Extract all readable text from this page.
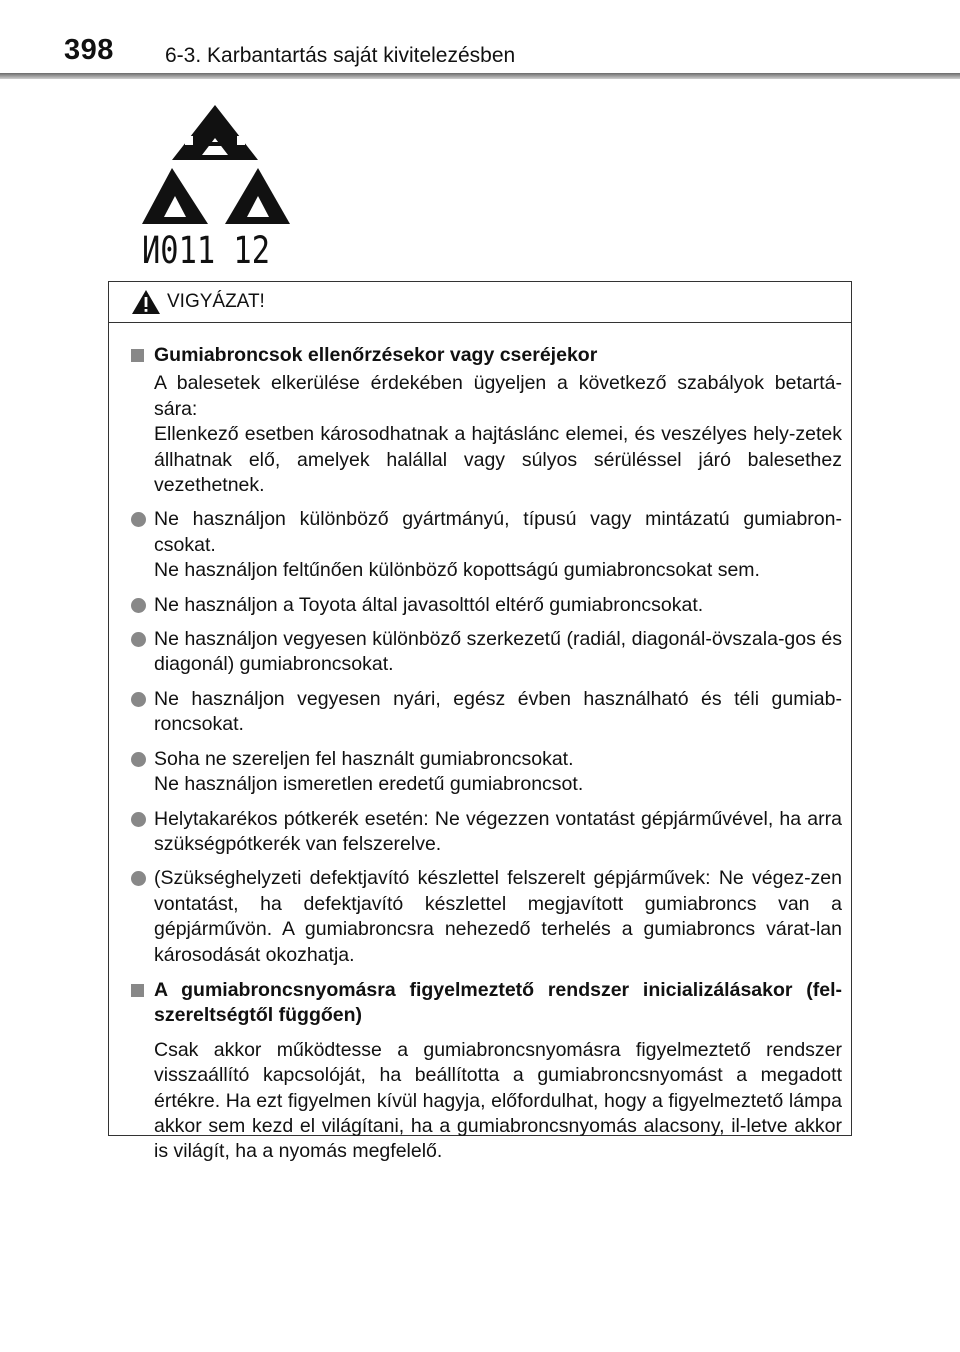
398 6-3. Karbantartás saját kivitelezésben
И011 12
VIGYÁZAT!
Gumiabroncsok ellenőrzésekor vagy cseréjekor

A balesetek elkerülése érdekében ügyeljen a következő szabályok betartá-sára:

Ellenkező esetben károsodhatnak a hajtáslánc elemei, és veszélyes hely-zetek állhatnak elő, amelyek halállal vagy súlyos sérüléssel járó balesethez vezethetnek.

Ne használjon különböző gyártmányú, típusú vagy mintázatú gumiabron-csokat.

Ne használjon feltűnően különböző kopottságú gumiabroncsokat sem.

Ne használjon a Toyota által javasolttól eltérő gumiabroncsokat.

Ne használjon vegyesen különböző szerkezetű (radiál, diagonál-övszala-gos és diagonál) gumiabroncsokat.

Ne használjon vegyesen nyári, egész évben használható és téli gumiab-roncsokat.

Soha ne szereljen fel használt gumiabroncsokat.

Ne használjon ismeretlen eredetű gumiabroncsot.

Helytakarékos pótkerék esetén: Ne végezzen vontatást gépjárművével, ha arra szükségpótkerék van felszerelve.

(Szükséghelyzeti defektjavító készlettel felszerelt gépjárművek: Ne végez-zen vontatást, ha defektjavító készlettel megjavított gumiabroncs van a gépjárművön. A gumiabroncsra nehezedő terhelés a gumiabroncs várat-lan károsodását okozhatja.

A gumiabroncsnyomásra figyelmeztető rendszer inicializálásakor (fel-szereltségtől függően)

Csak akkor működtesse a gumiabroncsnyomásra figyelmeztető rendszer visszaállító kapcsolóját, ha beállította a gumiabroncsnyomást a megadott értékre. Ha ezt figyelmen kívül hagyja, előfordulhat, hogy a figyelmeztető lámpa akkor sem kezd el világítani, ha a gumiabroncsnyomás alacsony, il-letve akkor is világít, ha a nyomás megfelelő.
